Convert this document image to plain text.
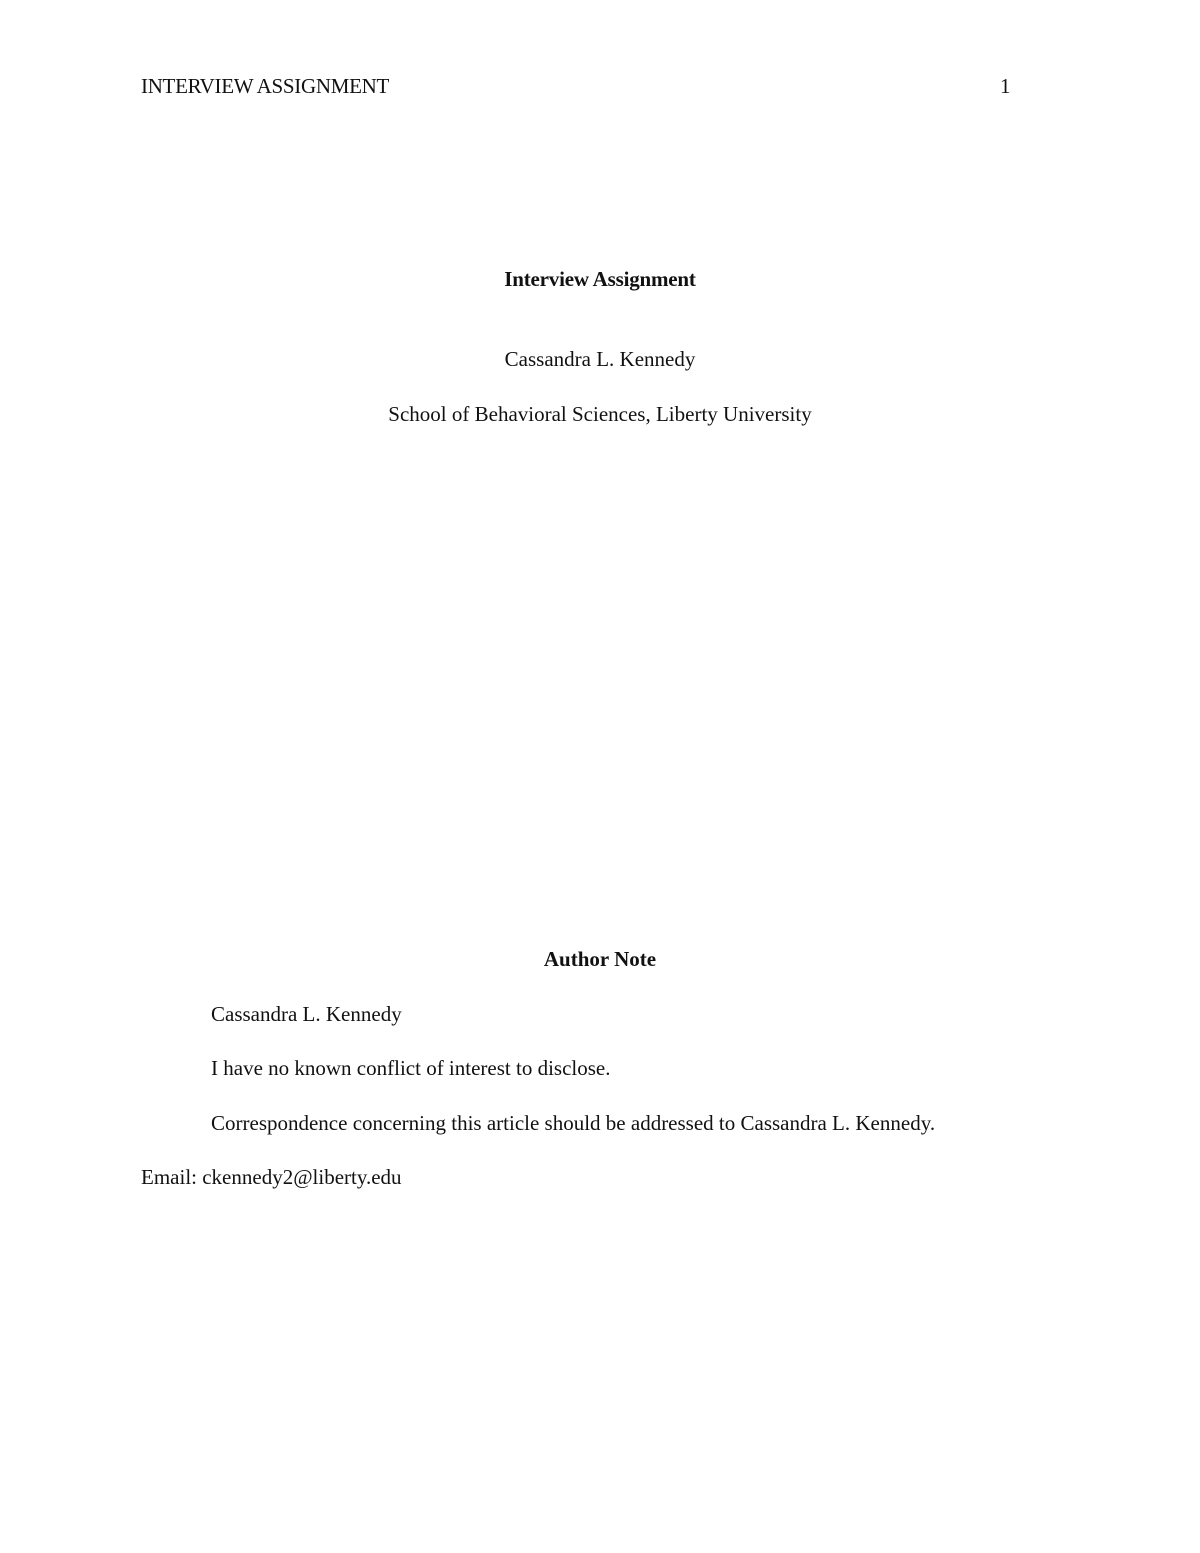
INTERVIEW ASSIGNMENT	1
Interview Assignment
Cassandra L. Kennedy
School of Behavioral Sciences, Liberty University
Author Note
Cassandra L. Kennedy
I have no known conflict of interest to disclose.
Correspondence concerning this article should be addressed to Cassandra L. Kennedy.
Email: ckennedy2@liberty.edu
